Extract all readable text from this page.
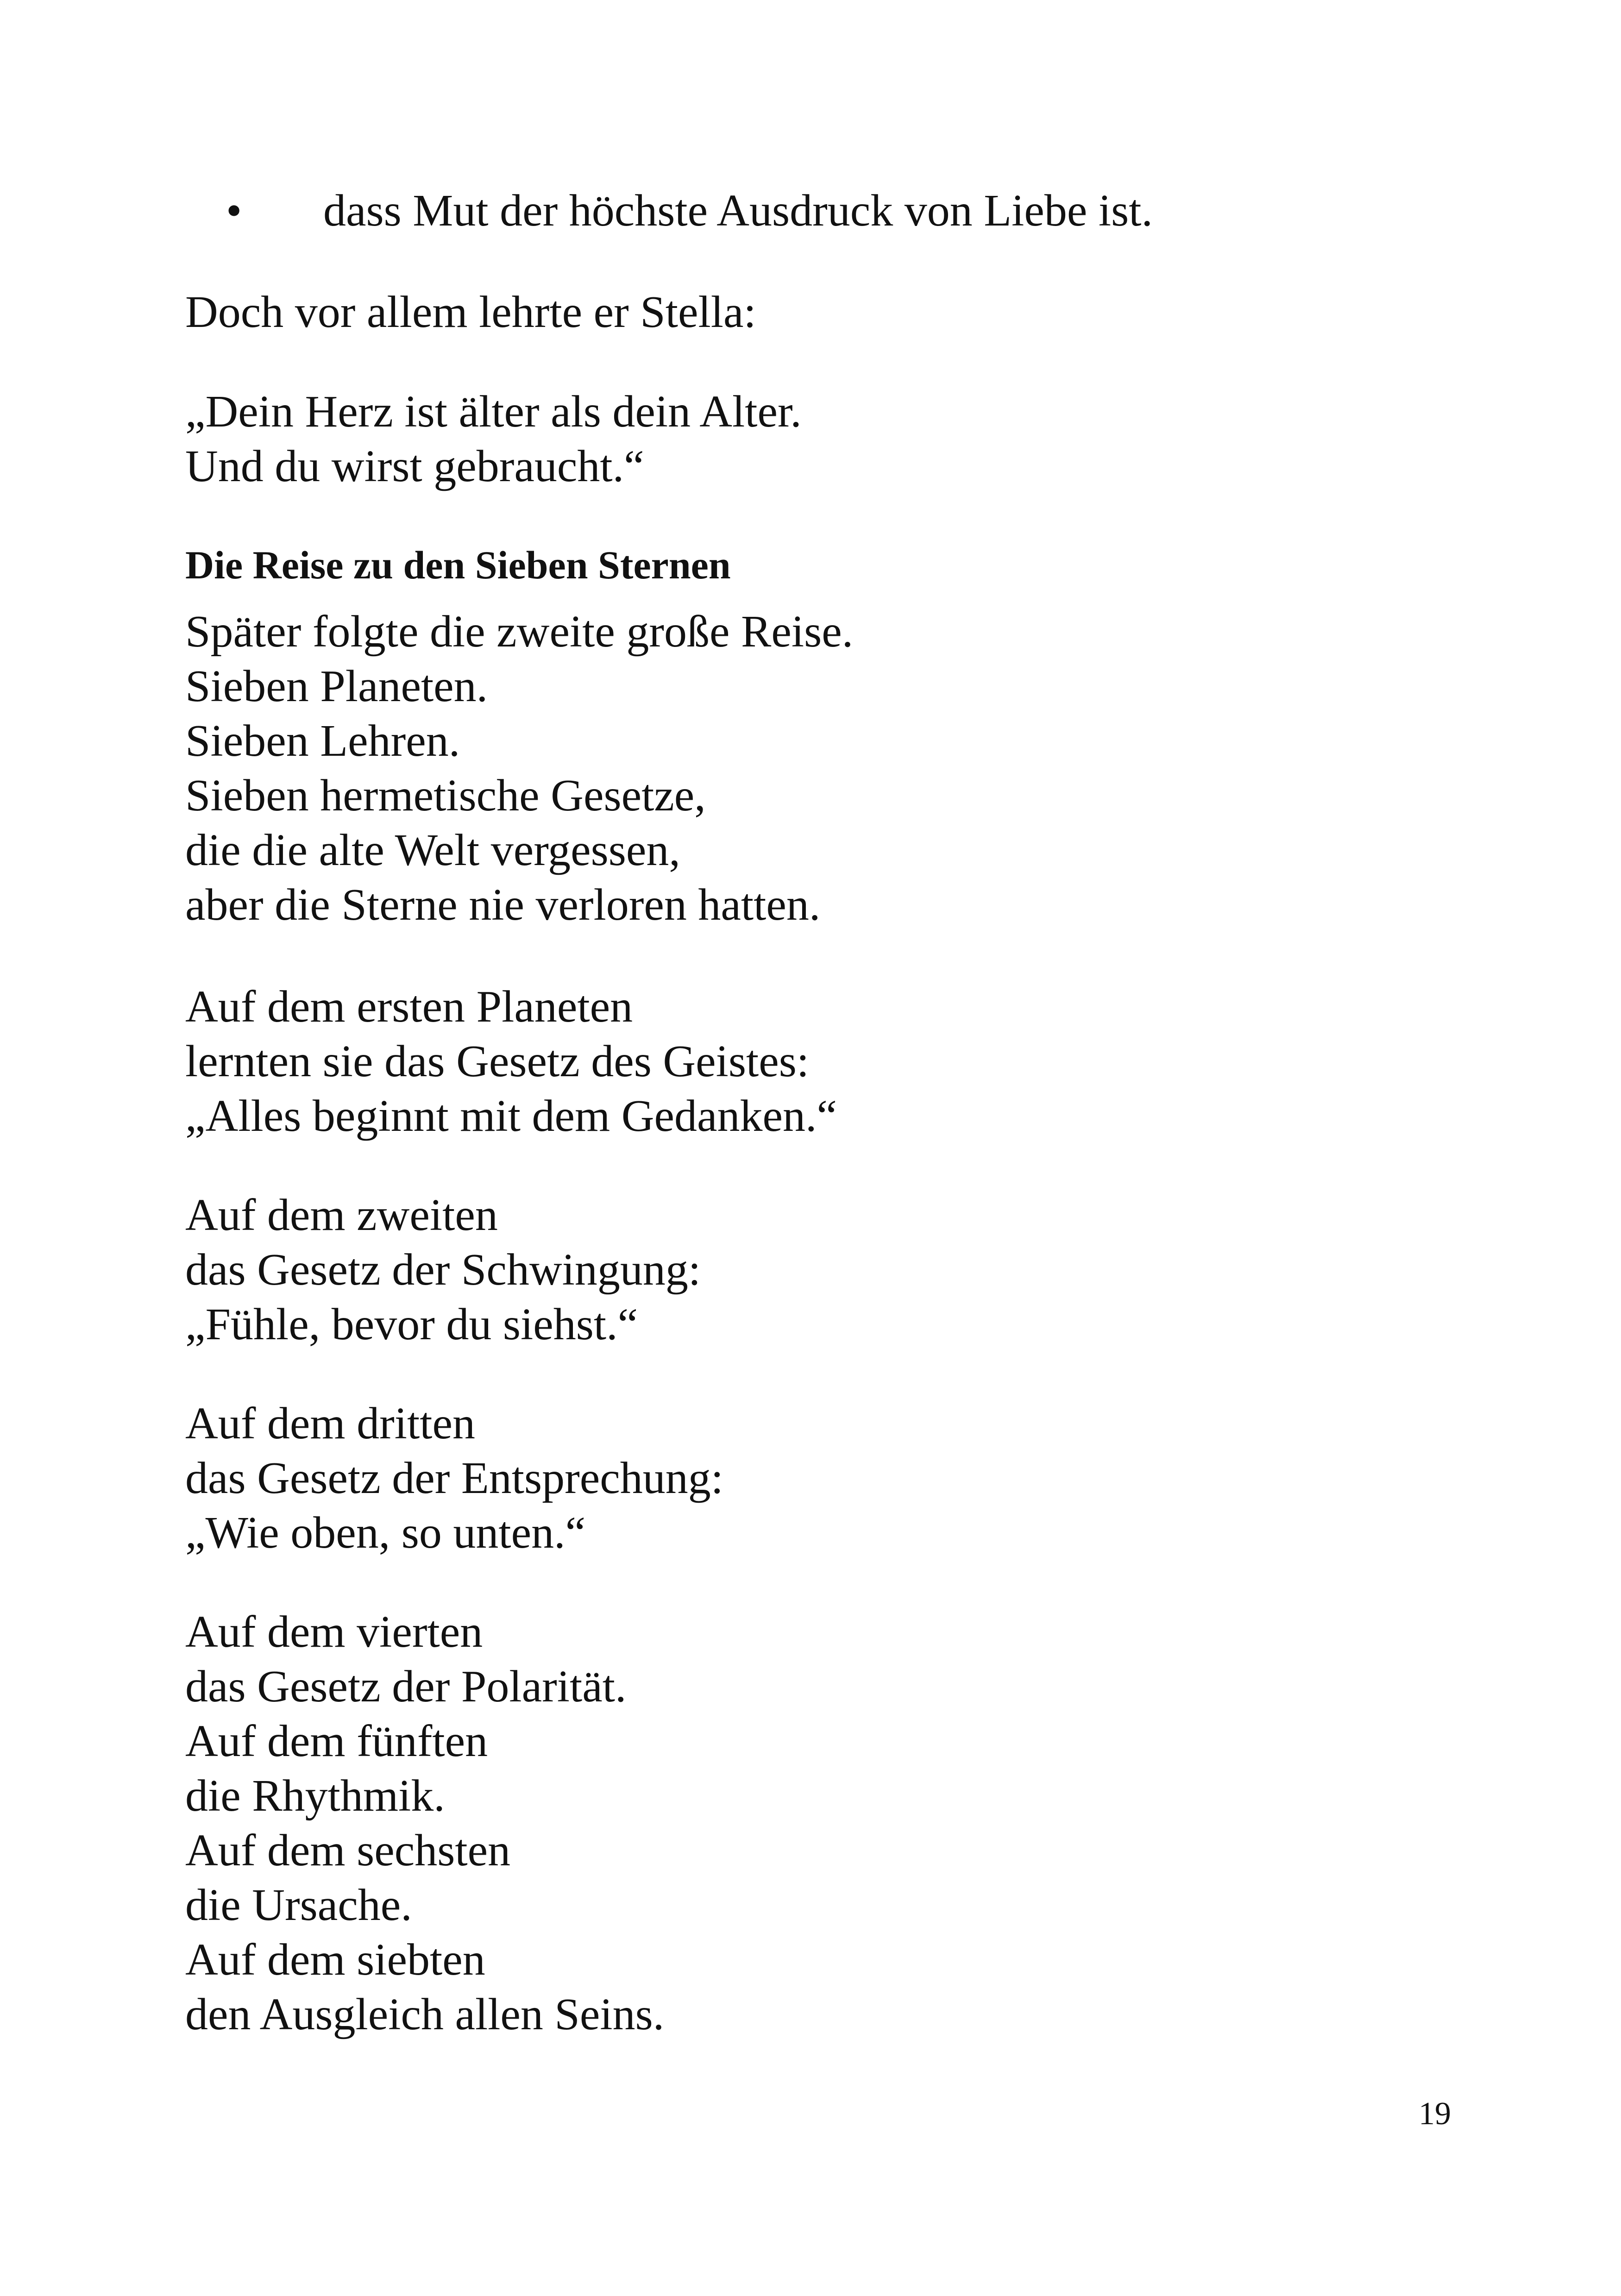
• dass Mut der höchste Ausdruck von Liebe ist.
Doch vor allem lehrte er Stella:
„Dein Herz ist älter als dein Alter.
Und du wirst gebraucht.“
Die Reise zu den Sieben Sternen
Später folgte die zweite große Reise.
Sieben Planeten.
Sieben Lehren.
Sieben hermetische Gesetze,
die die alte Welt vergessen,
aber die Sterne nie verloren hatten.
Auf dem ersten Planeten
lernten sie das Gesetz des Geistes:
„Alles beginnt mit dem Gedanken.“
Auf dem zweiten
das Gesetz der Schwingung:
„Fühle, bevor du siehst.“
Auf dem dritten
das Gesetz der Entsprechung:
„Wie oben, so unten.“
Auf dem vierten
das Gesetz der Polarität.
Auf dem fünften
die Rhythmik.
Auf dem sechsten
die Ursache.
Auf dem siebten
den Ausgleich allen Seins.
19
